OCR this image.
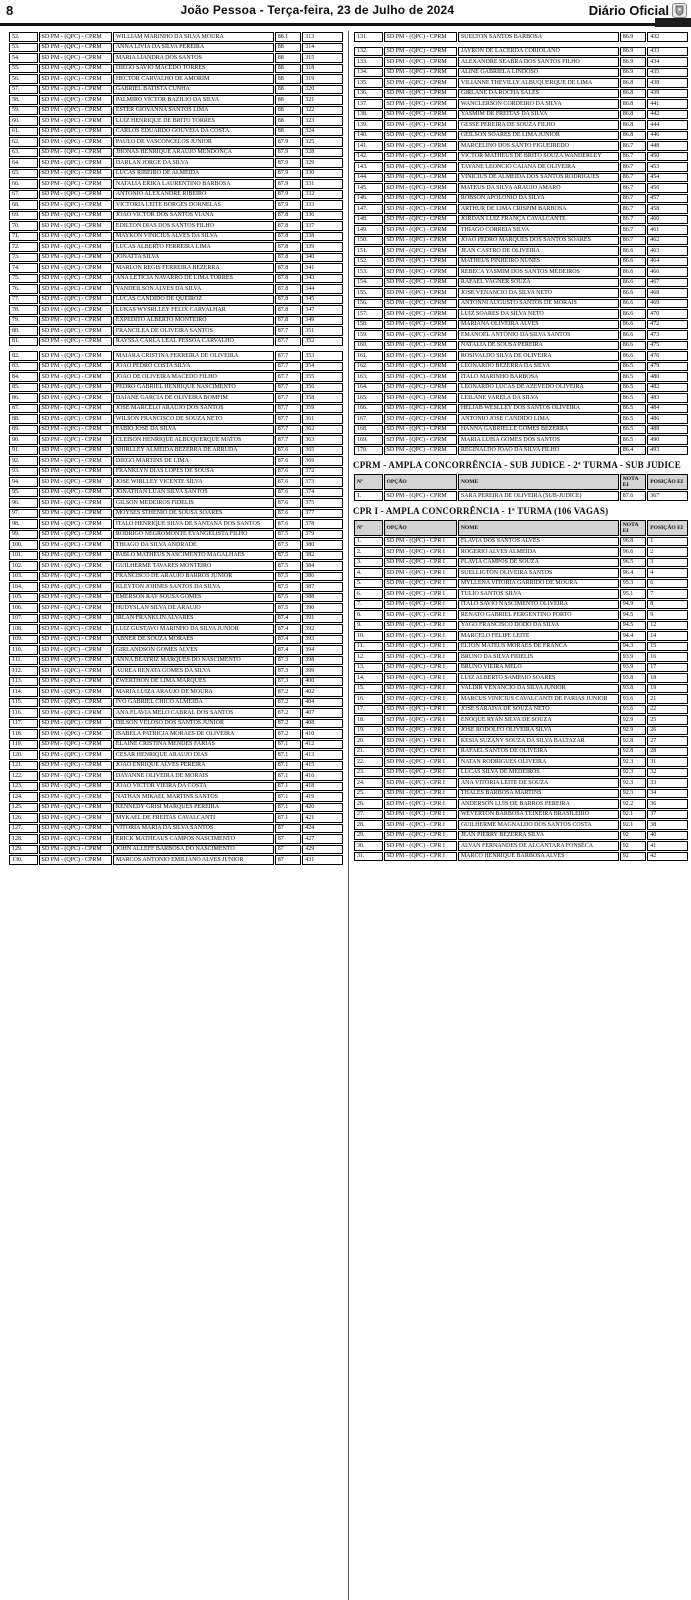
8	João Pessoa - Terça-feira, 23 de Julho de 2024	Diário Oficial
52.	SD PM - (QPC) - CPRM	WILLIAM MARINHO DA SILVA MOURA	88.1	313
53.	SD PM - (QPC) - CPRM	ANNA LIVIA DA SILVA PEREIRA	88	314
54.	SD PM - (QPC) - CPRM	MARIA LIANDRA DOS SANTOS	88	315
55.	SD PM - (QPC) - CPRM	DIEGO SAVIO MACEDO TORRES	88	318
56.	SD PM - (QPC) - CPRM	HECTOR CARVALHO DE AMORIM	88	319
57.	SD PM - (QPC) - CPRM	GABRIEL BATISTA CUNHA	88	320
58.	SD PM - (QPC) - CPRM	PALMIRO VICTOR BAZILIO DA SILVA	88	321
59.	SD PM - (QPC) - CPRM	ESTER GIOVANNA SANTOS LIMA	88	322
60.	SD PM - (QPC) - CPRM	LUIZ HENRIQUE DE BRITO TORRES	88	323
61.	SD PM - (QPC) - CPRM	CARLOS EDUARDO GOUVEIA DA COSTA	88	324
62.	SD PM - (QPC) - CPRM	PAULO DE VASCONCELOS JUNIOR	87.9	325
63.	SD PM - (QPC) - CPRM	JHONAS HENRIQUE ARAÚJO MENDONÇA	87.9	328
64.	SD PM - (QPC) - CPRM	DARLAN JORGE DA SILVA	87.9	329
65.	SD PM - (QPC) - CPRM	LUCAS RIBEIRO DE ALMEIDA	87.9	330
66.	SD PM - (QPC) - CPRM	NATALIA ERIKA LAURENTINO BARBOSA	87.9	331
67.	SD PM - (QPC) - CPRM	ANTONIO ALEXANDRE RIBEIRO	87.9	332
68.	SD PM - (QPC) - CPRM	VICTORIA LEITE BORGES DORNELAS	87.9	333
69.	SD PM - (QPC) - CPRM	JOAO VICTOR DOS SANTOS VIANA	87.8	336
70.	SD PM - (QPC) - CPRM	EDILTON DIAS DOS SANTOS FILHO	87.8	337
71.	SD PM - (QPC) - CPRM	MAYKON VINICIUS ALVES DA SILVA	87.8	338
72.	SD PM - (QPC) - CPRM	LUCAS ALBERTO FERREIRA LIMA	87.8	339
73.	SD PM - (QPC) - CPRM	JONATTA SILVA	87.8	340
74.	SD PM - (QPC) - CPRM	MARLON REGIS FERREIRA BEZERRA	87.8	341
75.	SD PM - (QPC) - CPRM	ANA LETICIA NAVARRO DE LIMA TORRES	87.8	343
76.	SD PM - (QPC) - CPRM	VANDEILSON ALVES DA SILVA	87.8	344
77.	SD PM - (QPC) - CPRM	LUCAS CÂNDIDO DE QUEIROZ	87.8	345
78.	SD PM - (QPC) - CPRM	LUKAS WYSRLLEY FELIX CARVALHAR	87.8	347
79.	SD PM - (QPC) - CPRM	EXPEDITO ALBERTO MONTEIRO	87.8	349
80.	SD PM - (QPC) - CPRM	FRANCILEA DE OLIVEIRA SANTOS	87.7	351
81.	SD PM - (QPC) - CPRM	RAYSSA CARLA LEAL PESSOA CARVALHO	87.7	352
82.	SD PM - (QPC) - CPRM	MAIARA CRISTINA FERREIRA DE OLIVEIRA	87.7	353
83.	SD PM - (QPC) - CPRM	JOÃO PEDRO COSTA SILVA	87.7	354
84.	SD PM - (QPC) - CPRM	JOAO DE OLIVEIRA MACEDO FILHO	87.7	355
85.	SD PM - (QPC) - CPRM	PEDRO GABRIEL HENRIQUE NASCIMENTO	87.7	356
86.	SD PM - (QPC) - CPRM	DAIANE GARCIA DE OLIVEIRA BOMFIM	87.7	358
87.	SD PM - (QPC) - CPRM	JOSE MARCELO ARAUJO DOS SANTOS	87.7	359
88.	SD PM - (QPC) - CPRM	WILSON FRANCISCO DE SOUZA NETO	87.7	361
89.	SD PM - (QPC) - CPRM	FABIO JOSE DA SILVA	87.7	362
90.	SD PM - (QPC) - CPRM	CLEISON HENRIQUE ALBUQUERQUE MATOS	87.7	363
91.	SD PM - (QPC) - CPRM	SHIRLLEY ALMEIDA BEZERRA DE ARRUDA	87.6	365
92.	SD PM - (QPC) - CPRM	DIEGO MARTINS DE LIMA	87.6	369
93.	SD PM - (QPC) - CPRM	FRANKLYN DIAS LOPES DE SOUSA	87.6	372
94.	SD PM - (QPC) - CPRM	JOSE WIRLLEY VICENTE SILVA	87.6	373
95.	SD PM - (QPC) - CPRM	JONATHAN LUAN SILVA SANTOS	87.6	374
96.	SD PM - (QPC) - CPRM	GILSON MEDEIROS FIDELIS	87.6	375
97.	SD PM - (QPC) - CPRM	MOYSES STHENIO DE SOUSA SOARES	87.6	377
98.	SD PM - (QPC) - CPRM	ITALO HENRIQUE SILVA DE SANTANA DOS SANTOS	87.6	378
99.	SD PM - (QPC) - CPRM	RODRIGO NEGROMONTE EVANGELISTA FILHO	87.5	379
100.	SD PM - (QPC) - CPRM	THIAGO DA SILVA ANDRADE	87.5	380
101.	SD PM - (QPC) - CPRM	PABLO MATHEUS NASCIMENTO MAGALHAES	87.5	382
102.	SD PM - (QPC) - CPRM	GUILHERME TAVARES MONTEIRO	87.5	384
103.	SD PM - (QPC) - CPRM	FRANCISCO DE ARAUJO BARROS JUNIOR	87.5	386
104.	SD PM - (QPC) - CPRM	KLEYTON JOHNES SANTOS DA SILVA	87.5	387
105.	SD PM - (QPC) - CPRM	EMERSON RAY SOUSA GOMES	87.5	388
106.	SD PM - (QPC) - CPRM	HUDYSLAN SILVA DE ARAUJO	87.5	390
107.	SD PM - (QPC) - CPRM	IRLAN FRANKLIN ALVARES	87.4	391
108.	SD PM - (QPC) - CPRM	LUIZ GUSTAVO MARINHO DA SILVA JUNIOR	87.4	392
109.	SD PM - (QPC) - CPRM	ABNER DE SOUZA MORAES	87.4	393
110.	SD PM - (QPC) - CPRM	GIRLANDSON GOMES ALVES	87.4	394
111.	SD PM - (QPC) - CPRM	ANNA BEATRIZ MARQUES DO NASCIMENTO	87.3	398
112.	SD PM - (QPC) - CPRM	ÁUREA RENATA GOMES DA SILVA	87.3	399
113.	SD PM - (QPC) - CPRM	EWERTHON DE LIMA MARQUES	87.3	400
114.	SD PM - (QPC) - CPRM	MARIA LUIZA ARAUJO DE MOURA	87.2	402
115.	SD PM - (QPC) - CPRM	IVO GABRIEL CHICO ALMEIDA	87.2	404
116.	SD PM - (QPC) - CPRM	ANA FLAVIA MELO CABRAL DOS SANTOS	87.2	407
117.	SD PM - (QPC) - CPRM	DILSON VELOSO DOS SANTOS JÚNIOR	87.2	408
118.	SD PM - (QPC) - CPRM	ISABELA PATRICIA MORAES DE OLIVEIRA	87.2	410
119.	SD PM - (QPC) - CPRM	ELAINE CRISTINA MENDES FARIAS	87.1	412
120.	SD PM - (QPC) - CPRM	CESAR HENRIQUE ARAUJO DIAS	87.1	413
121.	SD PM - (QPC) - CPRM	JOAO ENRIQUE ALVES PEREIRA	87.1	415
122.	SD PM - (QPC) - CPRM	DAYANNE OLIVEIRA DE MORAIS	87.1	416
123.	SD PM - (QPC) - CPRM	JOAO VICTOR VIEIRA DA COSTA	87.1	418
124.	SD PM - (QPC) - CPRM	NATHAN MIKAEL MARTINS SANTOS	87.1	419
125.	SD PM - (QPC) - CPRM	KENNEDY GRISI MARQUES PEREIRA	87.1	420
126.	SD PM - (QPC) - CPRM	MYKAEL DE FREITAS CAVALCANTI	87.1	421
127.	SD PM - (QPC) - CPRM	VITORIA MARIA DA SILVA SANTOS	87	424
128.	SD PM - (QPC) - CPRM	ERICK MATHEAUS CAMPOS NASCIMENTO	87	427
129.	SD PM - (QPC) - CPRM	JOHN ALLEFF BARBOSA DO NASCIMENTO	87	429
130.	SD PM - (QPC) - CPRM	MARCOS ANTONIO EMILIANO ALVES JUNIOR	87	431
131.	SD PM - (QPC) - CPRM	SUELTON SANTOS BARBOSA	86.9	432
132.	SD PM - (QPC) - CPRM	JAYRON DE LACERDA CORIOLANO	86.9	433
133.	SD PM - (QPC) - CPRM	ALEXANDRE SEABRA DOS SANTOS FILHO	86.9	434
134.	SD PM - (QPC) - CPRM	ALINE GABRIELA LINDOSO	86.9	435
135.	SD PM - (QPC) - CPRM	VILIANNE THEVILLY ALBUQUERQUE DE LIMA	86.8	438
136.	SD PM - (QPC) - CPRM	GIRLANE DA ROCHA SALES	86.8	439
137.	SD PM - (QPC) - CPRM	WANCLERSON CORDEIRO DA SILVA	86.8	441
138.	SD PM - (QPC) - CPRM	YASMIM DE FREITAS DA SILVA	86.8	442
139.	SD PM - (QPC) - CPRM	GESSÉ PEREIRA DE SOUZA FILHO	86.8	444
140.	SD PM - (QPC) - CPRM	GEILSON SOARES DE LIMA JUNIOR	86.8	446
141.	SD PM - (QPC) - CPRM	MARCELINO DOS SANTO FIGUEIREDO	86.7	448
142.	SD PM - (QPC) - CPRM	VICTOR MATHEUS DE BRITO SOUZA WANDERLEY	86.7	450
143.	SD PM - (QPC) - CPRM	TAYANE LEONCIO CAIANA DE OLIVEIRA	86.7	453
144.	SD PM - (QPC) - CPRM	VINICIUS DE ALMEIDA DOS SANTOS RODRIGUES	86.7	454
145.	SD PM - (QPC) - CPRM	MATEUS DA SILVA ARAUJO AMARO	86.7	456
146.	SD PM - (QPC) - CPRM	ROBSON APOLONIO DA SILVA	86.7	457
147.	SD PM - (QPC) - CPRM	ARTHUR DE LIMA CRISPIM BARBOSA	86.7	458
148.	SD PM - (QPC) - CPRM	JORDAN LUIZ FRANÇA CAVALCANTE	86.7	460
149.	SD PM - (QPC) - CPRM	THIAGO CORREIA SILVA	86.7	461
150.	SD PM - (QPC) - CPRM	JOAO PEDRO MARQUES DOS SANTOS SOARES	86.7	462
151.	SD PM - (QPC) - CPRM	JEAN CASTRO DE OLIVEIRA	86.6	463
152.	SD PM - (QPC) - CPRM	MATHEUS PINHEIRO NUNES	86.6	464
153.	SD PM - (QPC) - CPRM	REBECA YASMIM DOS SANTOS MEDEIROS	86.6	466
154.	SD PM - (QPC) - CPRM	RAFAEL VAGNER SOUZA	86.6	467
155.	SD PM - (QPC) - CPRM	JOSE VENANCIO DA SILVA NETO	86.6	468
156.	SD PM - (QPC) - CPRM	ANTONNI AUGUSTO SANTOS DE MORAIS	86.6	469
157.	SD PM - (QPC) - CPRM	LUIZ SOARES DA SILVA NETO	86.6	470
158.	SD PM - (QPC) - CPRM	MARIANA OLIVEIRA ALVES	86.6	472
159.	SD PM - (QPC) - CPRM	EMANOEL ANTÔNIO DA SILVA SANTOS	86.6	473
160.	SD PM - (QPC) - CPRM	NATALIA DE SOUSA PEREIRA	86.6	475
161.	SD PM - (QPC) - CPRM	ROSIVALDO SILVA DE OLIVEIRA	86.6	476
162.	SD PM - (QPC) - CPRM	LEONARDO BEZERRA DA SILVA	86.5	479
163.	SD PM - (QPC) - CPRM	ITALO MARINHO BARBOSA	86.5	480
164.	SD PM - (QPC) - CPRM	LEONARDO LUCAS DE AZEVEDO OLIVEIRA	86.5	482
165.	SD PM - (QPC) - CPRM	LEILANE VARELA DA SILVA	86.5	483
166.	SD PM - (QPC) - CPRM	HELIAB WESLLEY DOS SANTOS OLIVEIRA	86.5	484
167.	SD PM - (QPC) - CPRM	ANTONIO JOSE CANDIDO LIMA	86.5	486
168.	SD PM - (QPC) - CPRM	HANNA GABRIELLE GOMES BEZERRA	86.5	488
169.	SD PM - (QPC) - CPRM	MARIA LUISA GOMES DOS SANTOS	86.5	490
170.	SD PM - (QPC) - CPRM	REGINALDO JOAO DA SILVA FILHO	86.4	493
CPRM - AMPLA CONCORRÊNCIA - SUB JUDICE - 2ª TURMA - SUB JUDICE
Nº	OPÇÃO	NOME	NOTA EI	POSIÇÃO EI
1.	SD PM - (QPC) - CPRM	SARA PEREIRA DE OLIVEIRA (SUB-JUDICE)	87.6	367
CPR I - AMPLA CONCORRÊNCIA - 1ª TURMA (106 VAGAS)
Nº	OPÇÃO	NOME	NOTA EI	POSIÇÃO EI
1.	SD PM - (QPC) - CPR I	FLAVIA DOS SANTOS ALVES	96.8	1
2.	SD PM - (QPC) - CPR I	ROGERIO ALVES ALMEIDA	96.6	2
3.	SD PM - (QPC) - CPR I	FLAVIA CAMPOS DE SOUZA	96.5	3
4.	SD PM - (QPC) - CPR I	SUELLIGTON OLIVEIRA SANTOS	96.4	4
5.	SD PM - (QPC) - CPR I	MYLLENA VITORIA GARRIDO DE MOURA	95.3	6
6.	SD PM - (QPC) - CPR I	TULIO SANTOS SILVA	95.1	7
7.	SD PM - (QPC) - CPR I	ITALO SAVIO NASCIMENTO OLIVEIRA	94.9	8
8.	SD PM - (QPC) - CPR I	RENATO GABRIEL PERGENTINO PORTO	94.5	9
9.	SD PM - (QPC) - CPR I	YAGO FRANCISCO DODO DA SILVA	94.5	12
10.	SD PM - (QPC) - CPR I	MARCELO FELIPE LEITE	94.4	14
11.	SD PM - (QPC) - CPR I	ELTON MATEUS MORAES DE FRANCA	94.3	15
12.	SD PM - (QPC) - CPR I	BRUNO DA SILVA FIDELIS	93.9	16
13.	SD PM - (QPC) - CPR I	BRUNO VIEIRA MELO	93.9	17
14.	SD PM - (QPC) - CPR I	LUIZ ALBERTO SAMPAIO SOARES	93.8	18
15.	SD PM - (QPC) - CPR I	VALDIR VENANCIO DA SILVA JUNIOR	93.8	19
16.	SD PM - (QPC) - CPR I	MARCUS VINICIUS CAVALCANTI DE FARIAS JUNIOR	93.6	21
17.	SD PM - (QPC) - CPR I	JOSE SARAIVA DE SOUZA NETO	93.6	22
18.	SD PM - (QPC) - CPR I	ENOQUE RYAN SILVA DE SOUZA	92.9	25
19.	SD PM - (QPC) - CPR I	JOSE RODOLFO OLIVEIRA SILVA	92.9	26
20.	SD PM - (QPC) - CPR I	KESIA SUZANY SOUZA DA SILVA BALTAZAR	92.8	27
21.	SD PM - (QPC) - CPR I	RAFAEL SANTOS DE OLIVEIRA	92.8	28
22.	SD PM - (QPC) - CPR I	NATAN RODRIGUES OLIVEIRA	92.3	31
23.	SD PM - (QPC) - CPR I	LUCAS SILVA DE MEDEIROS	92.3	32
24.	SD PM - (QPC) - CPR I	ANA VITÓRIA LEITE DE SOUZA	92.3	33
25.	SD PM - (QPC) - CPR I	THALES BARBOSA MARTINS	92.3	34
26.	SD PM - (QPC) - CPR I	ANDERSON LUÍS DE BARROS PEREIRA	92.2	36
27.	SD PM - (QPC) - CPR I	WEVERTON BARBOSA TEIXEIRA BRASILEIRO	92.1	37
28.	SD PM - (QPC) - CPR I	GUILHERME MAGNALDO DOS SANTOS COSTA	92.1	38
29.	SD PM - (QPC) - CPR I	JEAN PIERRY BEZERRA SILVA	92	40
30.	SD PM - (QPC) - CPR I	ALVAN FERNANDES DE ALCÂNTARA FONSÊCA	92	41
31.	SD PM - (QPC) - CPR I	MARCO HENRIQUE BARBOSA ALVES	92	42
